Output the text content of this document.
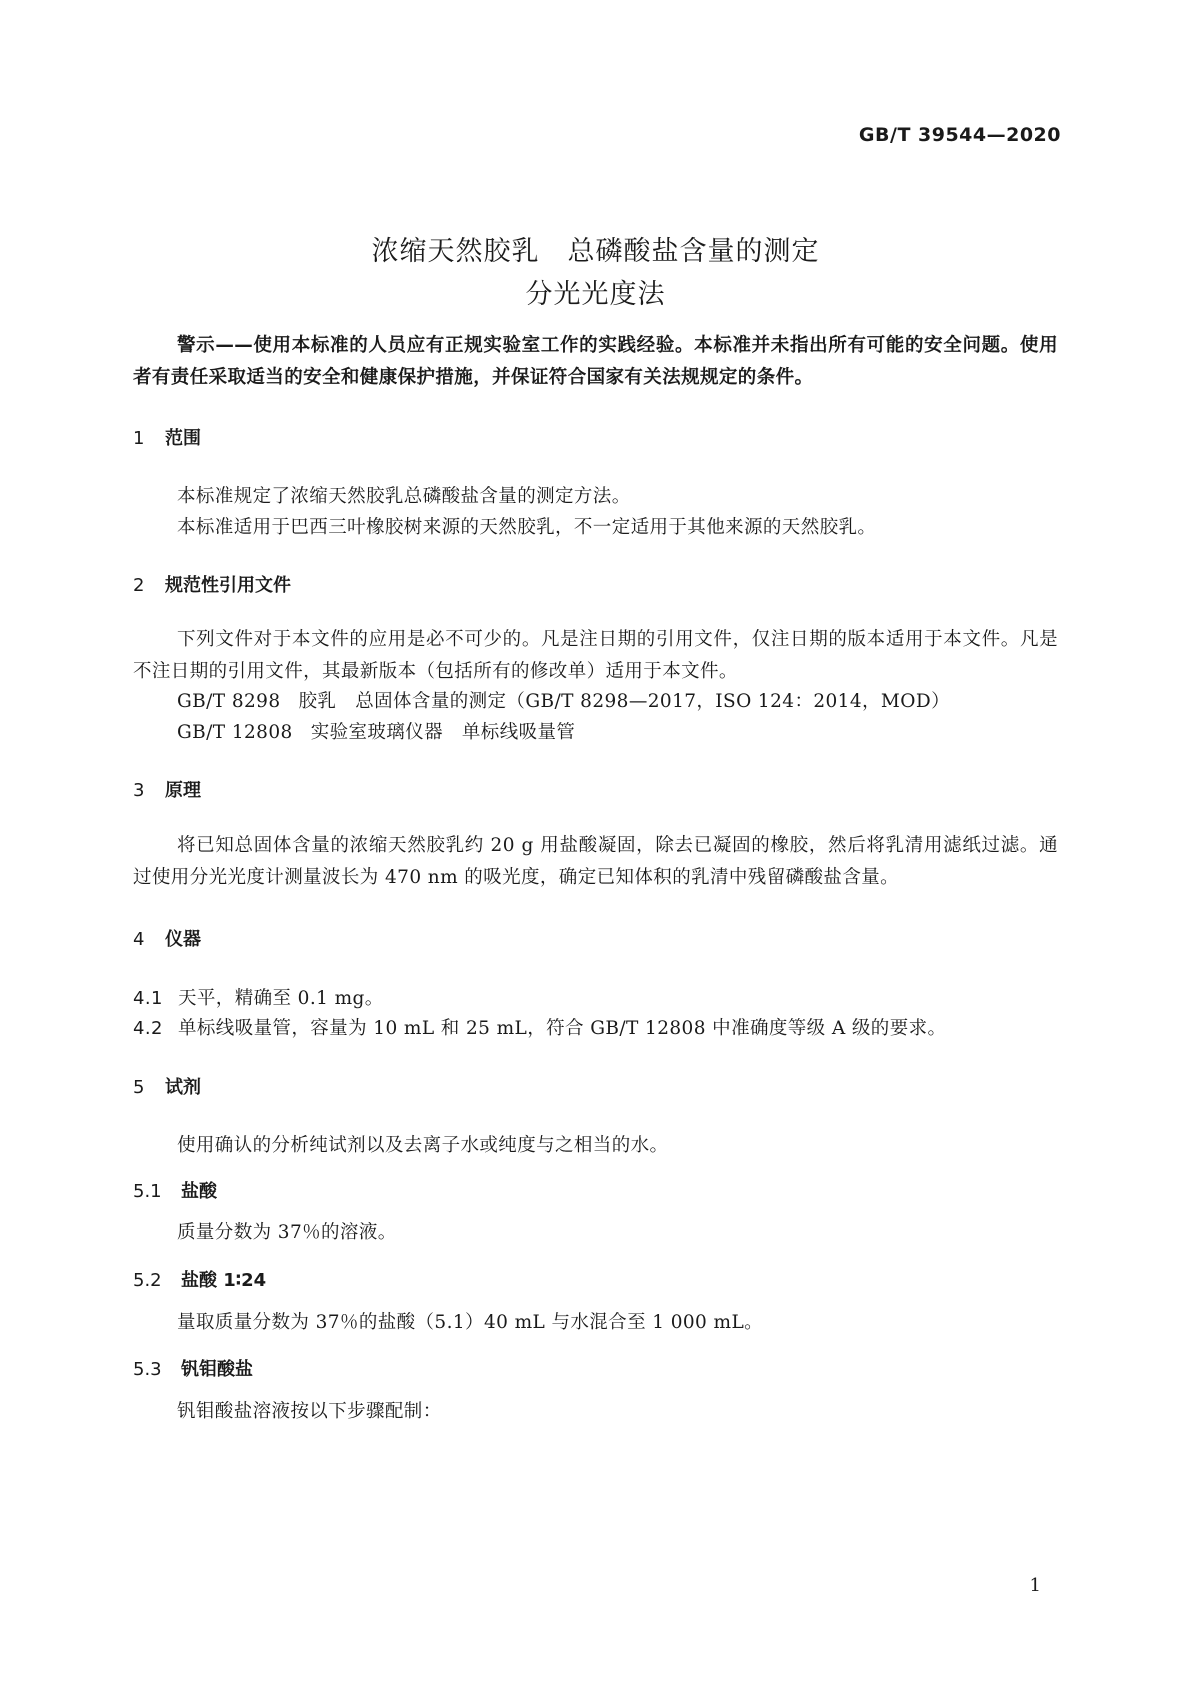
GB/T 39544—2020
浓缩天然胶乳　总磷酸盐含量的测定
分光光度法
警示——使用本标准的人员应有正规实验室工作的实践经验。本标准并未指出所有可能的安全问题。使用者有责任采取适当的安全和健康保护措施，并保证符合国家有关法规规定的条件。
1 范围
本标准规定了浓缩天然胶乳总磷酸盐含量的测定方法。
本标准适用于巴西三叶橡胶树来源的天然胶乳，不一定适用于其他来源的天然胶乳。
2 规范性引用文件
下列文件对于本文件的应用是必不可少的。凡是注日期的引用文件，仅注日期的版本适用于本文件。凡是不注日期的引用文件，其最新版本（包括所有的修改单）适用于本文件。
GB/T 8298 胶乳　总固体含量的测定（GB/T 8298—2017，ISO 124：2014，MOD）
GB/T 12808 实验室玻璃仪器　单标线吸量管
3 原理
将已知总固体含量的浓缩天然胶乳约 20 g 用盐酸凝固，除去已凝固的橡胶，然后将乳清用滤纸过滤。通过使用分光光度计测量波长为 470 nm 的吸光度，确定已知体积的乳清中残留磷酸盐含量。
4 仪器
4.1 天平，精确至 0.1 mg。
4.2 单标线吸量管，容量为 10 mL 和 25 mL，符合 GB/T 12808 中准确度等级 A 级的要求。
5 试剂
使用确认的分析纯试剂以及去离子水或纯度与之相当的水。
5.1 盐酸
质量分数为 37％的溶液。
5.2 盐酸 1∶24
量取质量分数为 37％的盐酸（5.1）40 mL 与水混合至 1 000 mL。
5.3 钒钼酸盐
钒钼酸盐溶液按以下步骤配制：
1
